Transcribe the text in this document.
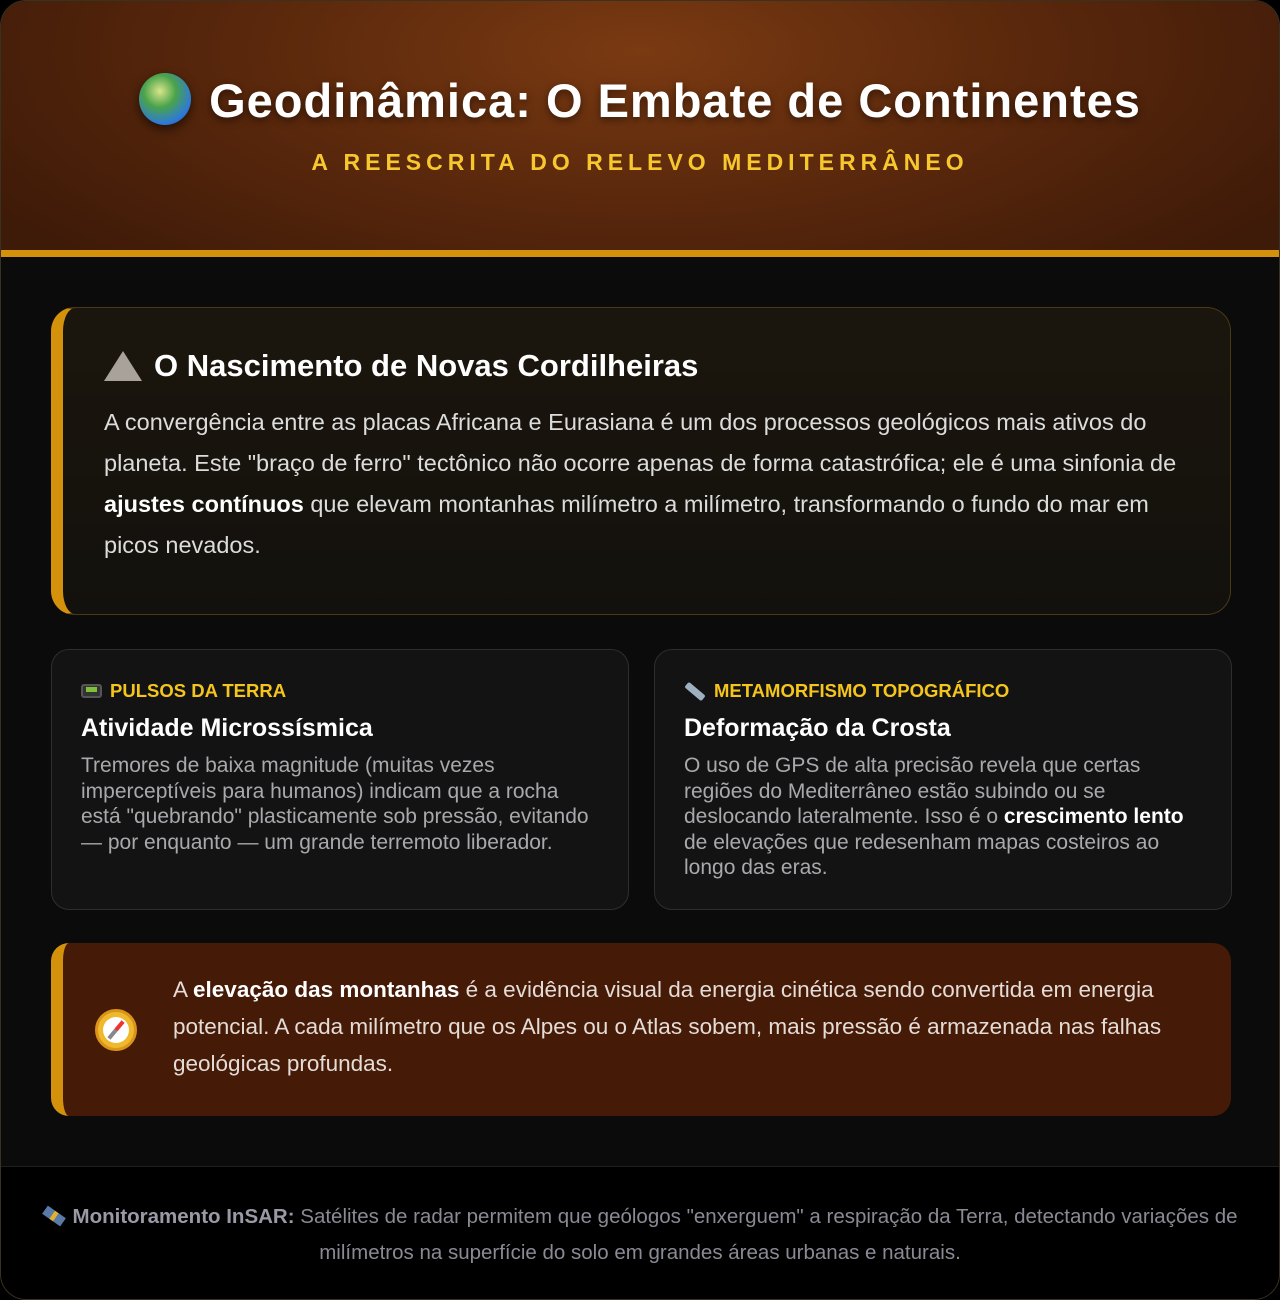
Geodinâmica: O Embate de Continentes
A REESCRITA DO RELEVO MEDITERRÂNEO
O Nascimento de Novas Cordilheiras

A convergência entre as placas Africana e Eurasiana é um dos processos geológicos mais ativos do planeta. Este "braço de ferro" tectônico não ocorre apenas de forma catastrófica; ele é uma sinfonia de ajustes contínuos que elevam montanhas milímetro a milímetro, transformando o fundo do mar em picos nevados.

PULSOS DA TERRA
Atividade Microssísmica

Tremores de baixa magnitude (muitas vezes imperceptíveis para humanos) indicam que a rocha está "quebrando" plasticamente sob pressão, evitando — por enquanto — um grande terremoto liberador.

METAMORFISMO TOPOGRÁFICO
Deformação da Crosta

O uso de GPS de alta precisão revela que certas regiões do Mediterrâneo estão subindo ou se deslocando lateralmente. Isso é o crescimento lento de elevações que redesenham mapas costeiros ao longo das eras.

A elevação das montanhas é a evidência visual da energia cinética sendo convertida em energia potencial. A cada milímetro que os Alpes ou o Atlas sobem, mais pressão é armazenada nas falhas geológicas profundas.

Monitoramento InSAR: Satélites de radar permitem que geólogos "enxerguem" a respiração da Terra, detectando variações de milímetros na superfície do solo em grandes áreas urbanas e naturais.
